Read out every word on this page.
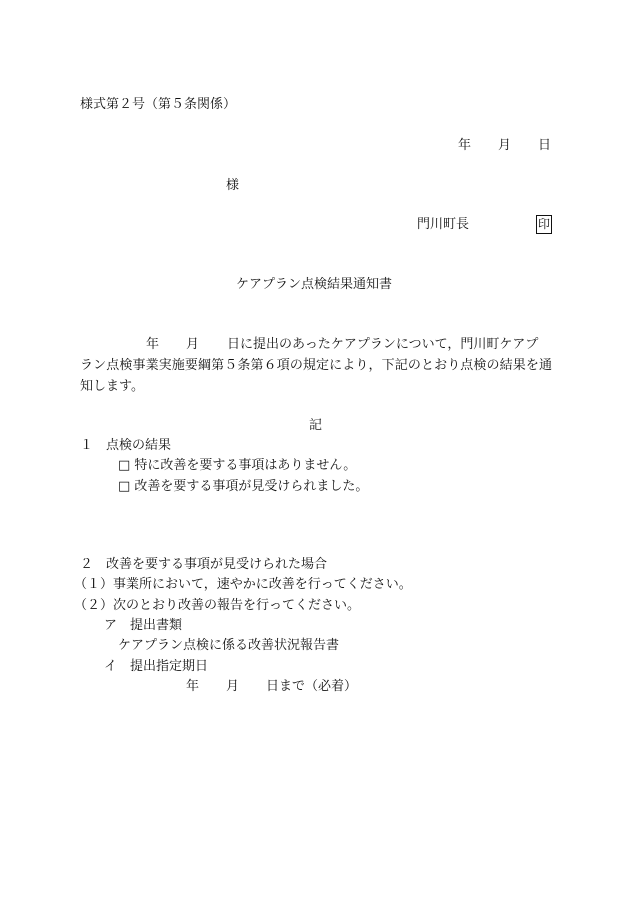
様式第２号（第５条関係）
年 月 日
様
門川町長	印
ケアプラン点検結果通知書
年 月 日に提出のあったケアプランについて，門川町ケアプ
ラン点検事業実施要綱第５条第６項の規定により，下記のとおり点検の結果を通知します。
記
１　点検の結果
□ 特に改善を要する事項はありません。
□ 改善を要する事項が見受けられました。
２　改善を要する事項が見受けられた場合
（１）事業所において，速やかに改善を行ってください。
（２）次のとおり改善の報告を行ってください。
ア　提出書類
ケアプラン点検に係る改善状況報告書
イ　提出指定期日
年 月 日まで（必着）
